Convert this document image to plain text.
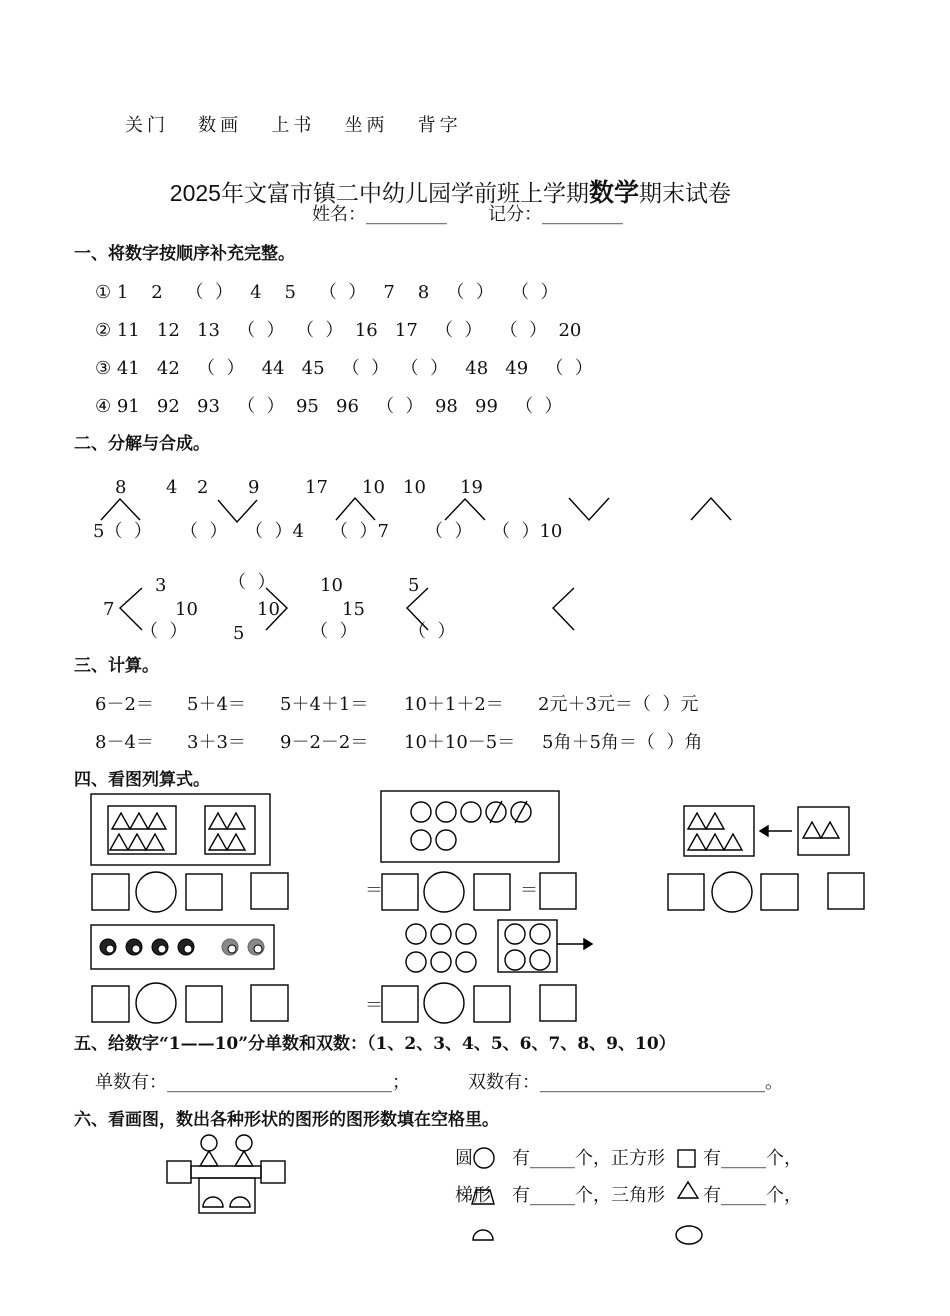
关门   数画   上书   坐两   背字

2025年文富市镇二中幼儿园学前班上学期数学期末试卷

姓名：_________ 记分：_________
一、将数字按顺序补充完整。
① 1    2    （  ）   4    5    （  ）   7    8   （  ）   （  ）
② 11   12   13   （  ）  （  ）  16   17   （  ）   （  ）  20
③ 41   42   （  ）   44   45   （  ）  （  ）   48   49   （  ）
④ 91   92   93   （  ）  95   96   （  ）  98   99   （  ）
二、分解与合成。
8 4 2 9	17 10 10 19
5（  ） （  ） （  ）4 （  ）7 （  ） （  ）10
3	（  ） 10	5
7	10	10	15
（  ）	5	（  ）	（  ）
三、计算。
6－2＝ 5＋4＝ 5＋4＋1＝ 10＋1＋2＝ 2元＋3元＝（  ）元
8－4＝ 3＋3＝ 9－2－2＝ 10＋10－5＝ 5角＋5角＝（  ）角
四、看图列算式。
＝	＝
＝
五、给数字“1——10”分单数和双数：（1、2、3、4、5、6、7、8、9、10）
单数有：_________________________；	双数有：_________________________。
六、看画图，数出各种形状的图形的图形数填在空格里。
圆 有_____个，正方形 有_____个，
梯形 有_____个，三角形 有_____个，
